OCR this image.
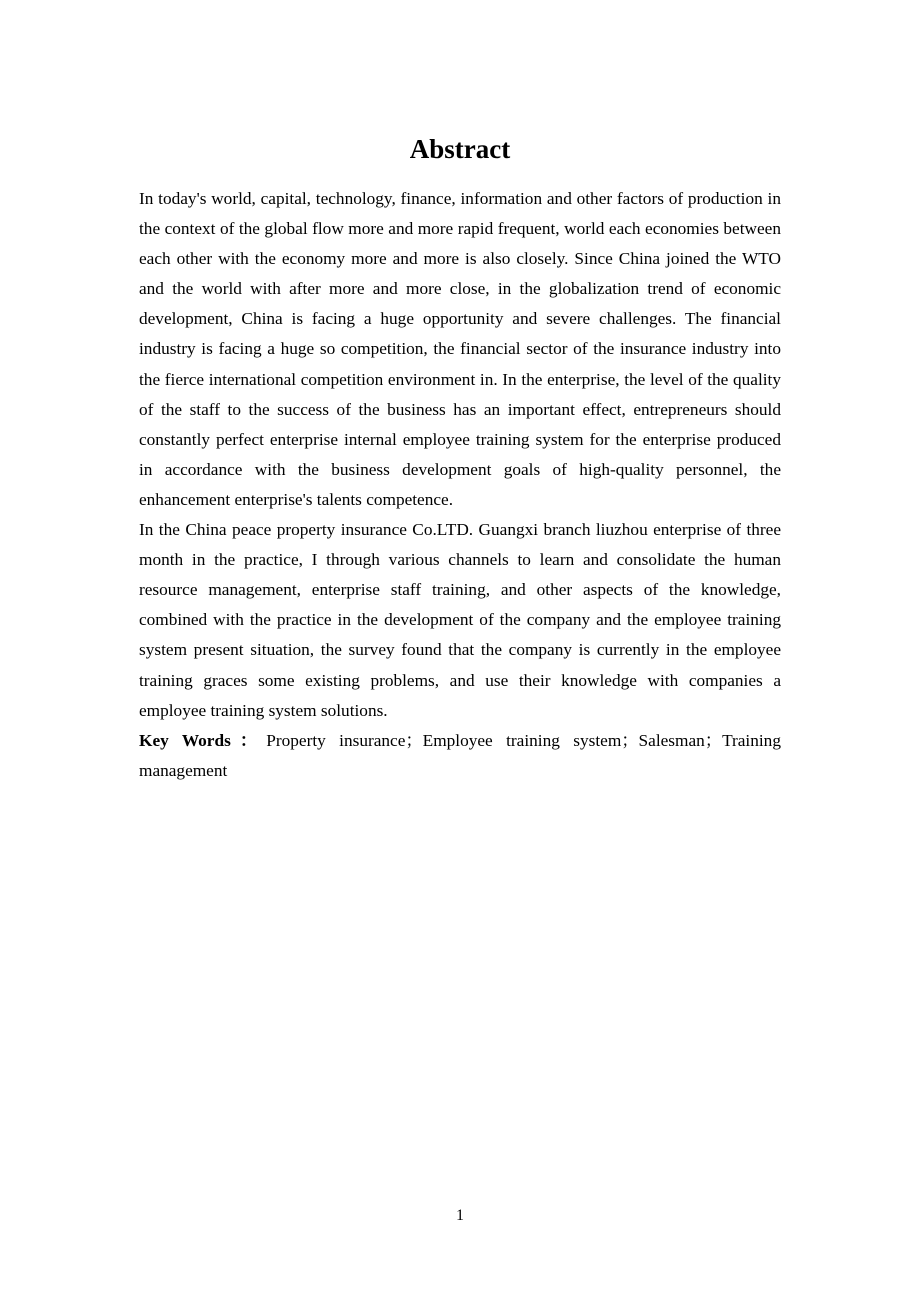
Abstract

In today's world, capital, technology, finance, information and other factors of production in the context of the global flow more and more rapid frequent, world each economies between each other with the economy more and more is also closely. Since China joined the WTO and the world with after more and more close, in the globalization trend of economic development, China is facing a huge opportunity and severe challenges. The financial industry is facing a huge so competition, the financial sector of the insurance industry into the fierce international competition environment in. In the enterprise, the level of the quality of the staff to the success of the business has an important effect, entrepreneurs should constantly perfect enterprise internal employee training system for the enterprise produced in accordance with the business development goals of high-quality personnel, the enhancement enterprise's talents competence.

In the China peace property insurance Co.LTD. Guangxi branch liuzhou enterprise of three month in the practice, I through various channels to learn and consolidate the human resource management, enterprise staff training, and other aspects of the knowledge, combined with the practice in the development of the company and the employee training system present situation, the survey found that the company is currently in the employee training graces some existing problems, and use their knowledge with companies a employee training system solutions.

Key Words：Property insurance；Employee training system；Salesman；Training management

1
